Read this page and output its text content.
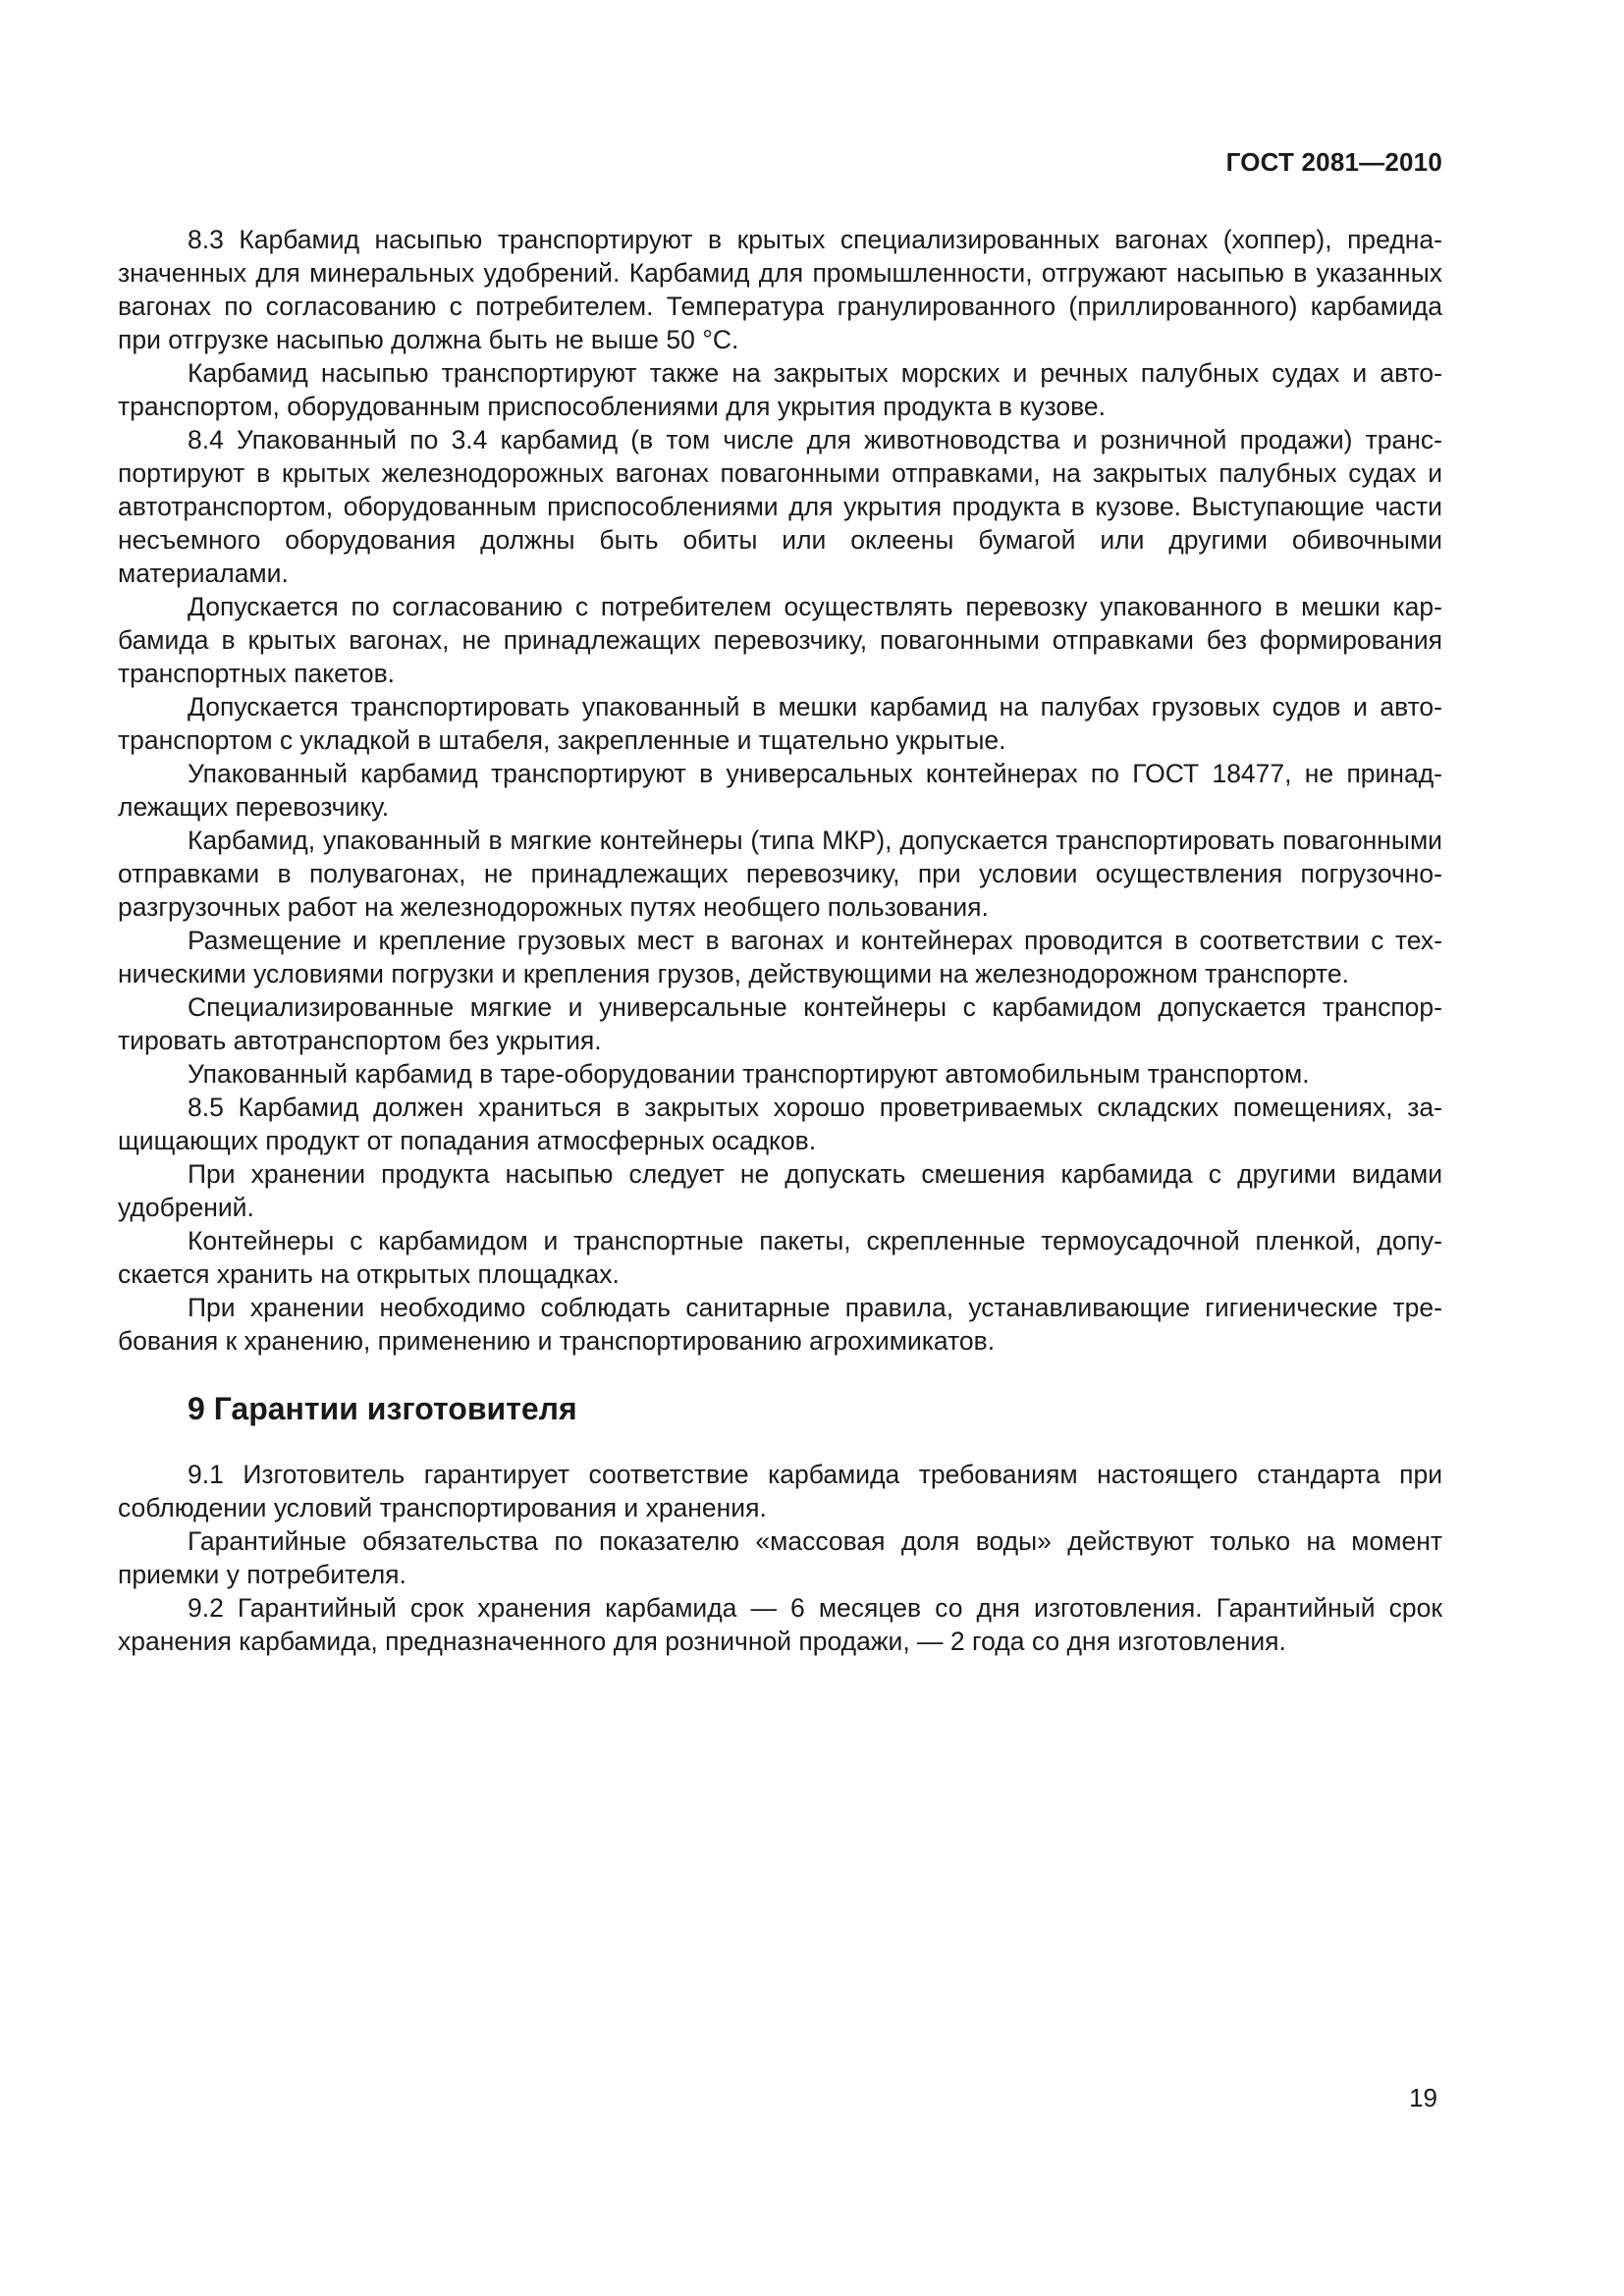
ГОСТ 2081—2010

8.3 Карбамид насыпью транспортируют в крытых специализированных вагонах (хоппер), предназначенных для минеральных удобрений. Карбамид для промышленности, отгружают насыпью в указанных вагонах по согласованию с потребителем. Температура гранулированного (приллированного) карбамида при отгрузке насыпью должна быть не выше 50 °С.

Карбамид насыпью транспортируют также на закрытых морских и речных палубных судах и автотранспортом, оборудованным приспособлениями для укрытия продукта в кузове.

8.4 Упакованный по 3.4 карбамид (в том числе для животноводства и розничной продажи) транспортируют в крытых железнодорожных вагонах повагонными отправками, на закрытых палубных судах и автотранспортом, оборудованным приспособлениями для укрытия продукта в кузове. Выступающие части несъемного оборудования должны быть обиты или оклеены бумагой или другими обивочными материалами.

Допускается по согласованию с потребителем осуществлять перевозку упакованного в мешки карбамида в крытых вагонах, не принадлежащих перевозчику, повагонными отправками без формирования транспортных пакетов.

Допускается транспортировать упакованный в мешки карбамид на палубах грузовых судов и автотранспортом с укладкой в штабеля, закрепленные и тщательно укрытые.

Упакованный карбамид транспортируют в универсальных контейнерах по ГОСТ 18477, не принадлежащих перевозчику.

Карбамид, упакованный в мягкие контейнеры (типа МКР), допускается транспортировать повагонными отправками в полувагонах, не принадлежащих перевозчику, при условии осуществления погрузочно-разгрузочных работ на железнодорожных путях необщего пользования.

Размещение и крепление грузовых мест в вагонах и контейнерах проводится в соответствии с техническими условиями погрузки и крепления грузов, действующими на железнодорожном транспорте.

Специализированные мягкие и универсальные контейнеры с карбамидом допускается транспортировать автотранспортом без укрытия.

Упакованный карбамид в таре-оборудовании транспортируют автомобильным транспортом.

8.5 Карбамид должен храниться в закрытых хорошо проветриваемых складских помещениях, защищающих продукт от попадания атмосферных осадков.

При хранении продукта насыпью следует не допускать смешения карбамида с другими видами удобрений.

Контейнеры с карбамидом и транспортные пакеты, скрепленные термоусадочной пленкой, допускается хранить на открытых площадках.

При хранении необходимо соблюдать санитарные правила, устанавливающие гигиенические требования к хранению, применению и транспортированию агрохимикатов.

9 Гарантии изготовителя

9.1 Изготовитель гарантирует соответствие карбамида требованиям настоящего стандарта при соблюдении условий транспортирования и хранения.

Гарантийные обязательства по показателю «массовая доля воды» действуют только на момент приемки у потребителя.

9.2 Гарантийный срок хранения карбамида — 6 месяцев со дня изготовления. Гарантийный срок хранения карбамида, предназначенного для розничной продажи, — 2 года со дня изготовления.

19
